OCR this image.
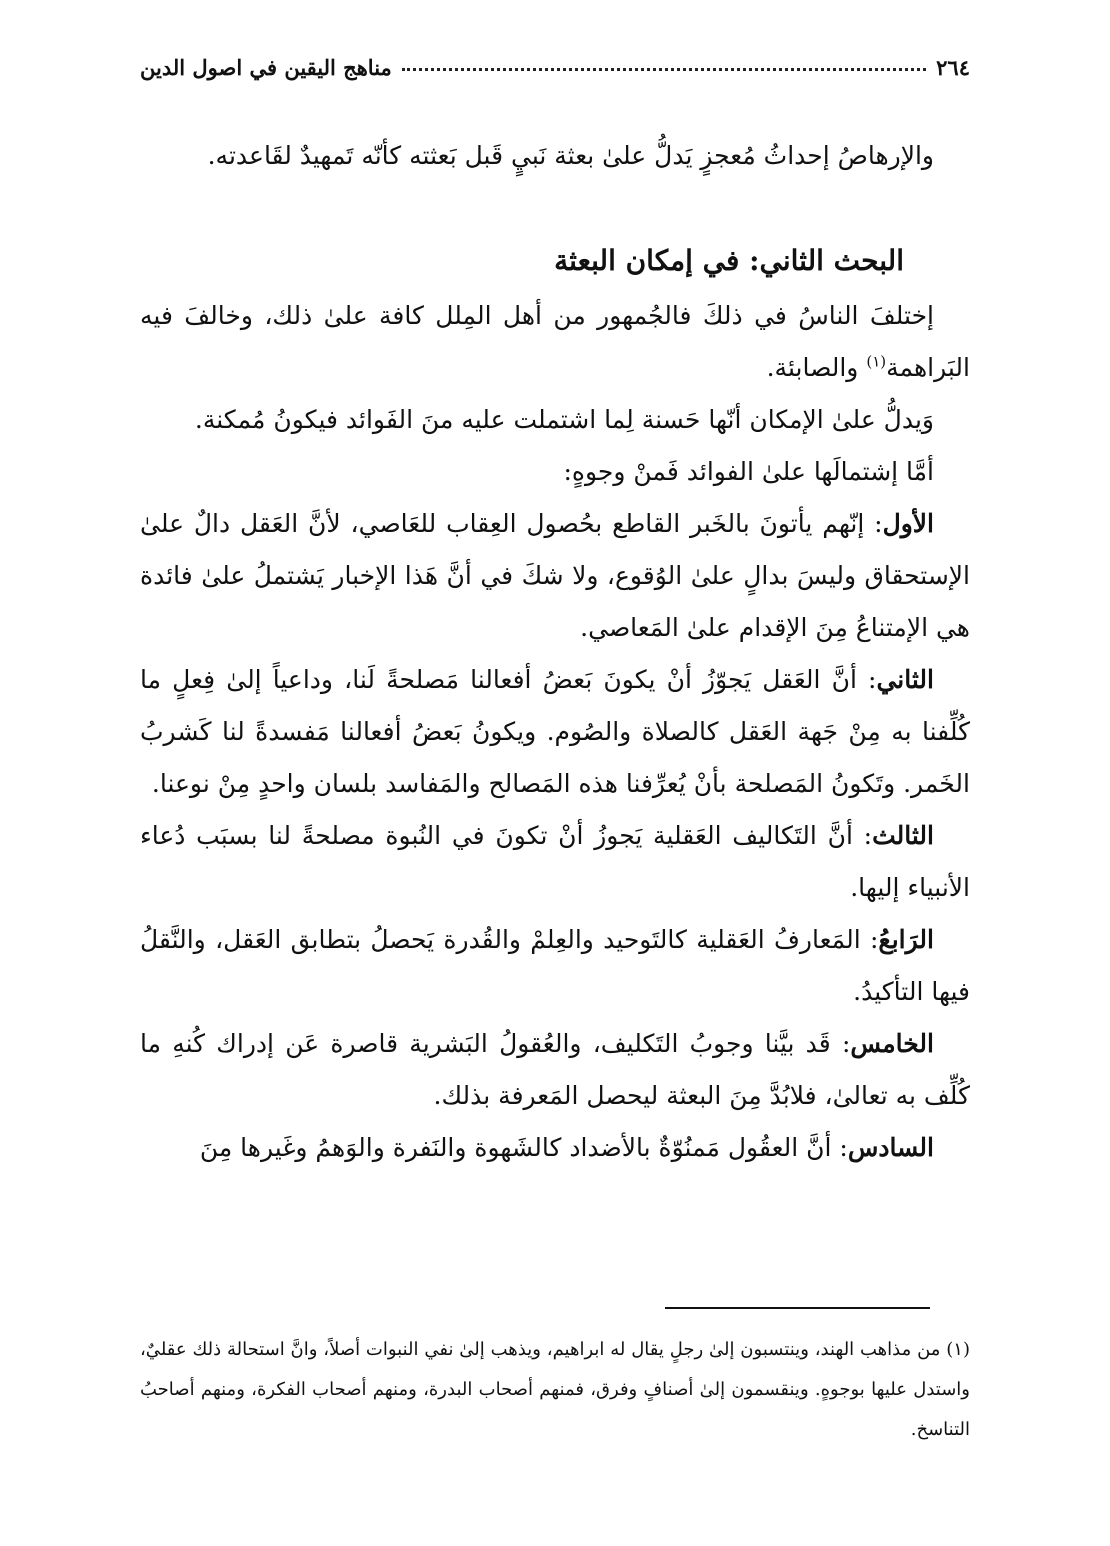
٢٦٤
مناهج اليقين في اصول الدين

والإرهاصُ إحداثُ مُعجزٍ يَدلُّ علىٰ بعثة نَبيٍ قَبل بَعثته كأنّه تَمهيدٌ لقَاعدته.

البحث الثاني: في إمكان البعثة

إختلفَ الناسُ في ذلكَ فالجُمهور من أهل المِلل كافة علىٰ ذلك، وخالفَ فيه البَراهمة$^{(١)}$ والصابئة.

وَيدلُّ علىٰ الإمكان أنّها حَسنة لِما اشتملت عليه منَ الفَوائد فيكونُ مُمكنة.

أمَّا إشتمالَها علىٰ الفوائد فَمنْ وجوهٍ:

الأول: إنّهم يأتونَ بالخَبر القاطع بحُصول العِقاب للعَاصي، لأنَّ العَقل دالٌ علىٰ الإستحقاق وليسَ بدالٍ علىٰ الوُقوع، ولا شكَ في أنَّ هَذا الإخبار يَشتملُ علىٰ فائدة هي الإمتناعُ مِنَ الإقدام علىٰ المَعاصي.

الثاني: أنَّ العَقل يَجوّزُ أنْ يكونَ بَعضُ أفعالنا مَصلحةً لَنا، وداعياً إلىٰ فِعلٍ ما كُلِّفنا به مِنْ جَهة العَقل كالصلاة والصُوم. ويكونُ بَعضُ أفعالنا مَفسدةً لنا كَشربُ الخَمر. وتَكونُ المَصلحة بأنْ يُعرِّفنا هذه المَصالح والمَفاسد بلسان واحدٍ مِنْ نوعنا.

الثالث: أنَّ التَكاليف العَقلية يَجوزُ أنْ تكونَ في النُبوة مصلحةً لنا بسبَب دُعاء الأنبياء إليها.

الرَابعُ: المَعارفُ العَقلية كالتَوحيد والعِلمْ والقُدرة يَحصلُ بتطابق العَقل، والنَّقلُ فيها التأكيدُ.

الخامس: قَد بيَّنا وجوبُ التَكليف، والعُقولُ البَشرية قاصرة عَن إدراك كُنهِ ما كُلِّف به تعالىٰ، فلابُدَّ مِنَ البعثة ليحصل المَعرفة بذلك.

السادس: أنَّ العقُول مَمنُوّةٌ بالأضداد كالشَهوة والنَفرة والوَهمُ وغَيرها مِنَ

(١) من مذاهب الهند، وينتسبون إلىٰ رجلٍ يقال له ابراهيم، ويذهب إلىٰ نفي النبوات أصلاً، وانَّ استحالة ذلك عقليٌ، واستدل عليها بوجوهٍ. وينقسمون إلىٰ أصنافٍ وفرق، فمنهم أصحاب البدرة، ومنهم أصحاب الفكرة، ومنهم أصاحبُ التناسخ.
